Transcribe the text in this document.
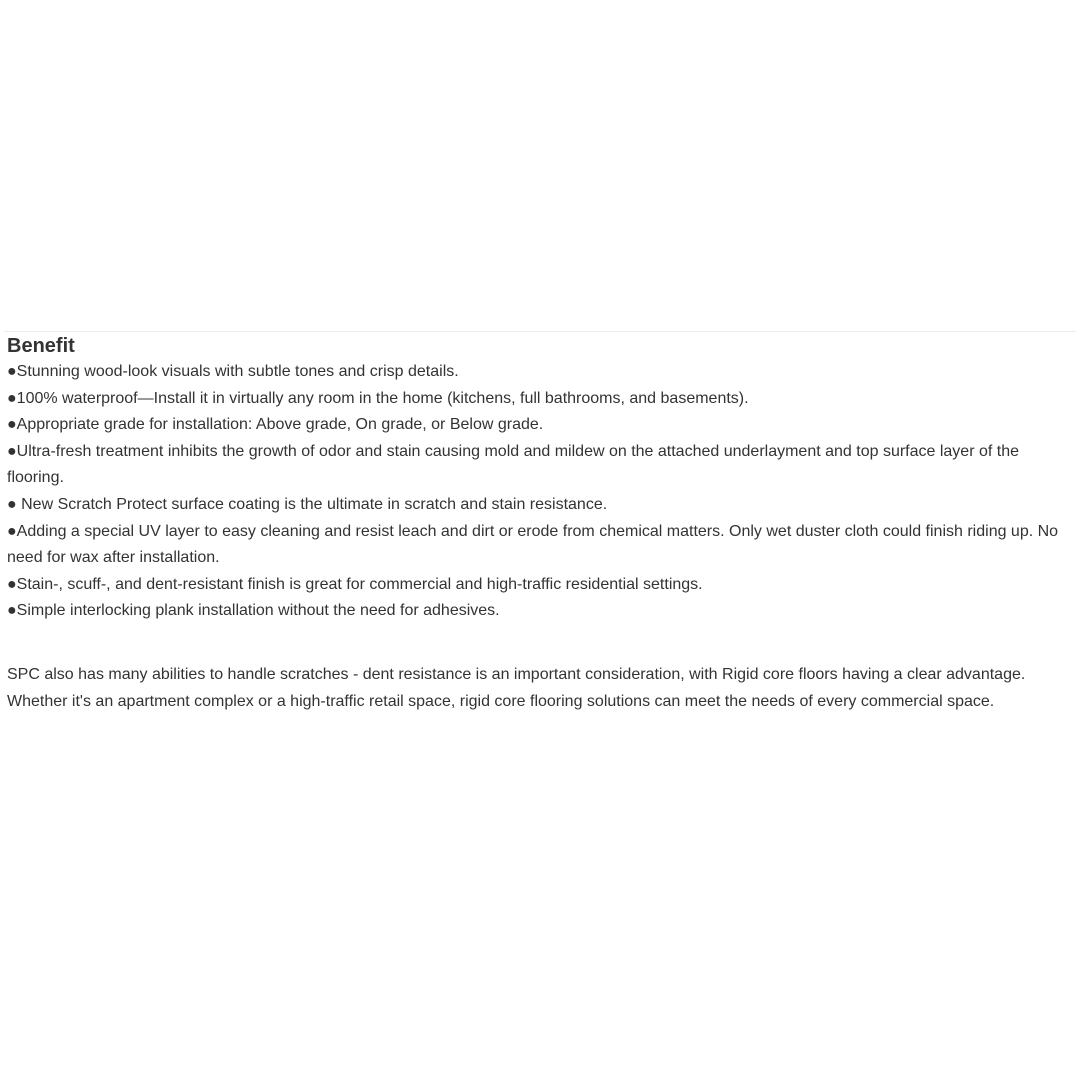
Benefit
●Stunning wood-look visuals with subtle tones and crisp details.
●100% waterproof—Install it in virtually any room in the home (kitchens, full bathrooms, and basements).
●Appropriate grade for installation: Above grade, On grade, or Below grade.
●Ultra-fresh treatment inhibits the growth of odor and stain causing mold and mildew on the attached underlayment and top surface layer of the flooring.
● New Scratch Protect surface coating is the ultimate in scratch and stain resistance.
●Adding a special UV layer to easy cleaning and resist leach and dirt or erode from chemical matters. Only wet duster cloth could finish riding up. No need for wax after installation.
●Stain-, scuff-, and dent-resistant finish is great for commercial and high-traffic residential settings.
●Simple interlocking plank installation without the need for adhesives.

SPC also has many abilities to handle scratches - dent resistance is an important consideration, with Rigid core floors having a clear advantage.

Whether it's an apartment complex or a high-traffic retail space, rigid core flooring solutions can meet the needs of every commercial space.
